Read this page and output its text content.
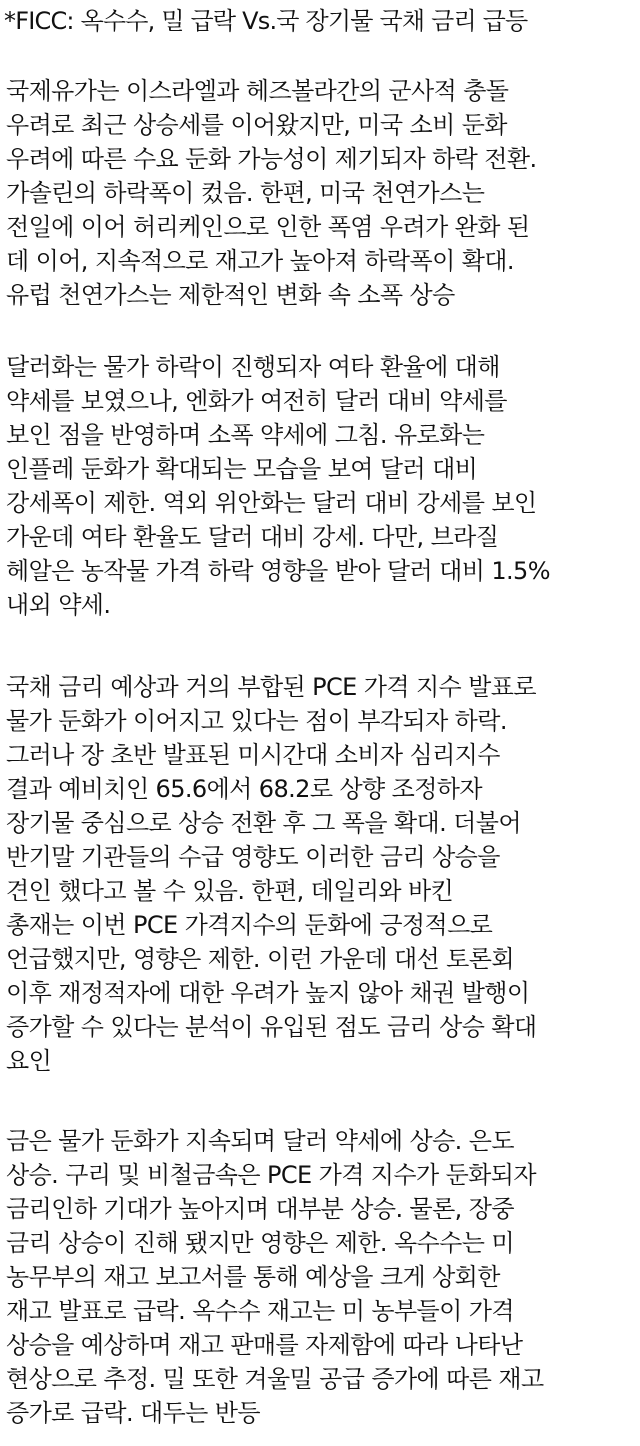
*FICC: 옥수수, 밀 급락 Vs.국 장기물 국채 금리 급등
국제유가는 이스라엘과 헤즈볼라간의 군사적 충돌
우려로 최근 상승세를 이어왔지만, 미국 소비 둔화
우려에 따른 수요 둔화 가능성이 제기되자 하락 전환.
가솔린의 하락폭이 컸음. 한편, 미국 천연가스는
전일에 이어 허리케인으로 인한 폭염 우려가 완화 된
데 이어, 지속적으로 재고가 높아져 하락폭이 확대.
유럽 천연가스는 제한적인 변화 속 소폭 상승
달러화는 물가 하락이 진행되자 여타 환율에 대해
약세를 보였으나, 엔화가 여전히 달러 대비 약세를
보인 점을 반영하며 소폭 약세에 그침. 유로화는
인플레 둔화가 확대되는 모습을 보여 달러 대비
강세폭이 제한. 역외 위안화는 달러 대비 강세를 보인
가운데 여타 환율도 달러 대비 강세. 다만, 브라질
헤알은 농작물 가격 하락 영향을 받아 달러 대비 1.5%
내외 약세.
국채 금리 예상과 거의 부합된 PCE 가격 지수 발표로
물가 둔화가 이어지고 있다는 점이 부각되자 하락.
그러나 장 초반 발표된 미시간대 소비자 심리지수
결과 예비치인 65.6에서 68.2로 상향 조정하자
장기물 중심으로 상승 전환 후 그 폭을 확대. 더불어
반기말 기관들의 수급 영향도 이러한 금리 상승을
견인 했다고 볼 수 있음. 한편, 데일리와 바킨
총재는 이번 PCE 가격지수의 둔화에 긍정적으로
언급했지만, 영향은 제한. 이런 가운데 대선 토론회
이후 재정적자에 대한 우려가 높지 않아 채권 발행이
증가할 수 있다는 분석이 유입된 점도 금리 상승 확대
요인
금은 물가 둔화가 지속되며 달러 약세에 상승. 은도
상승. 구리 및 비철금속은 PCE 가격 지수가 둔화되자
금리인하 기대가 높아지며 대부분 상승. 물론, 장중
금리 상승이 진해 됐지만 영향은 제한. 옥수수는 미
농무부의 재고 보고서를 통해 예상을 크게 상회한
재고 발표로 급락. 옥수수 재고는 미 농부들이 가격
상승을 예상하며 재고 판매를 자제함에 따라 나타난
현상으로 추정. 밀 또한 겨울밀 공급 증가에 따른 재고
증가로 급락. 대두는 반등
